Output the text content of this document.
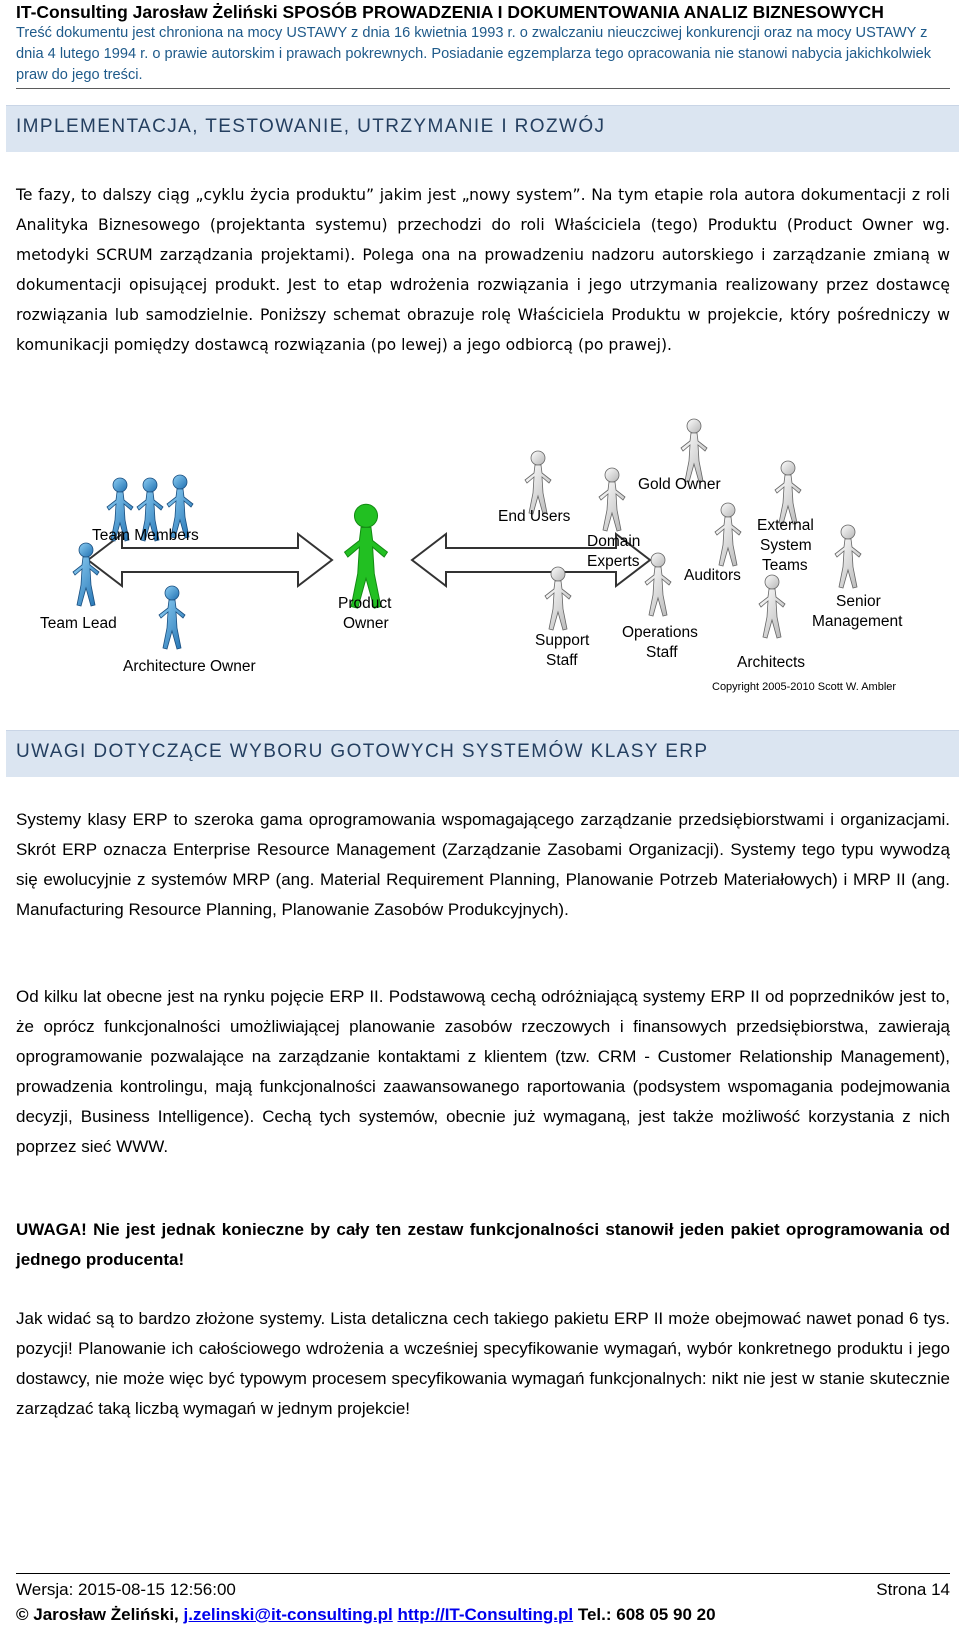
IT-Consulting Jarosław Żeliński SPOSÓB PROWADZENIA I DOKUMENTOWANIA ANALIZ BIZNESOWYCH
Treść dokumentu jest chroniona na mocy USTAWY z dnia 16 kwietnia 1993 r. o zwalczaniu nieuczciwej konkurencji oraz na mocy USTAWY z dnia 4 lutego 1994 r. o prawie autorskim i prawach pokrewnych. Posiadanie egzemplarza tego opracowania nie stanowi nabycia jakichkolwiek praw do jego treści.
IMPLEMENTACJA, TESTOWANIE, UTRZYMANIE I ROZWÓJ
Te fazy, to dalszy ciąg „cyklu życia produktu” jakim jest „nowy system”. Na tym etapie rola autora dokumentacji z roli Analityka Biznesowego (projektanta systemu) przechodzi do roli Właściciela (tego) Produktu (Product Owner wg. metodyki SCRUM zarządzania projektami). Polega ona na prowadzeniu nadzoru autorskiego i zarządzanie zmianą w dokumentacji opisującej produkt. Jest to etap wdrożenia rozwiązania i jego utrzymania realizowany przez dostawcę rozwiązania lub samodzielnie. Poniższy schemat obrazuje rolę Właściciela Produktu w projekcie, który pośredniczy w komunikacji pomiędzy dostawcą rozwiązania (po lewej) a jego odbiorcą (po prawej).
Team Members
Team Lead
Architecture Owner
Product
Owner
End Users
Gold Owner
Domain
Experts
External
System
Teams
Auditors
Senior
Management
Support
Staff
Operations
Staff
Architects
Copyright 2005-2010 Scott W. Ambler
UWAGI DOTYCZĄCE WYBORU GOTOWYCH SYSTEMÓW KLASY ERP
Systemy klasy ERP to szeroka gama oprogramowania wspomagającego zarządzanie przedsiębiorstwami i organizacjami. Skrót ERP oznacza Enterprise Resource Management (Zarządzanie Zasobami Organizacji). Systemy tego typu wywodzą się ewolucyjnie z systemów MRP (ang. Material Requirement Planning, Planowanie Potrzeb Materiałowych) i MRP II (ang. Manufacturing Resource Planning, Planowanie Zasobów Produkcyjnych).
Od kilku lat obecne jest na rynku pojęcie ERP II. Podstawową cechą odróżniającą systemy ERP II od poprzedników jest to, że oprócz funkcjonalności umożliwiającej planowanie zasobów rzeczowych i finansowych przedsiębiorstwa, zawierają oprogramowanie pozwalające na zarządzanie kontaktami z klientem (tzw. CRM - Customer Relationship Management), prowadzenia kontrolingu, mają funkcjonalności zaawansowanego raportowania (podsystem wspomagania podejmowania decyzji, Business Intelligence). Cechą tych systemów, obecnie już wymaganą, jest także możliwość korzystania z nich poprzez sieć WWW.
UWAGA! Nie jest jednak konieczne by cały ten zestaw funkcjonalności stanowił jeden pakiet oprogramowania od jednego producenta!
Jak widać są to bardzo złożone systemy. Lista detaliczna cech takiego pakietu ERP II może obejmować nawet ponad 6 tys. pozycji! Planowanie ich całościowego wdrożenia a wcześniej specyfikowanie wymagań, wybór konkretnego produktu i jego dostawcy, nie może więc być typowym procesem specyfikowania wymagań funkcjonalnych: nikt nie jest w stanie skutecznie zarządzać taką liczbą wymagań w jednym projekcie!
Wersja: 2015-08-15 12:56:00	Strona 14
© Jarosław Żeliński, j.zelinski@it-consulting.pl http://IT-Consulting.pl Tel.: 608 05 90 20
